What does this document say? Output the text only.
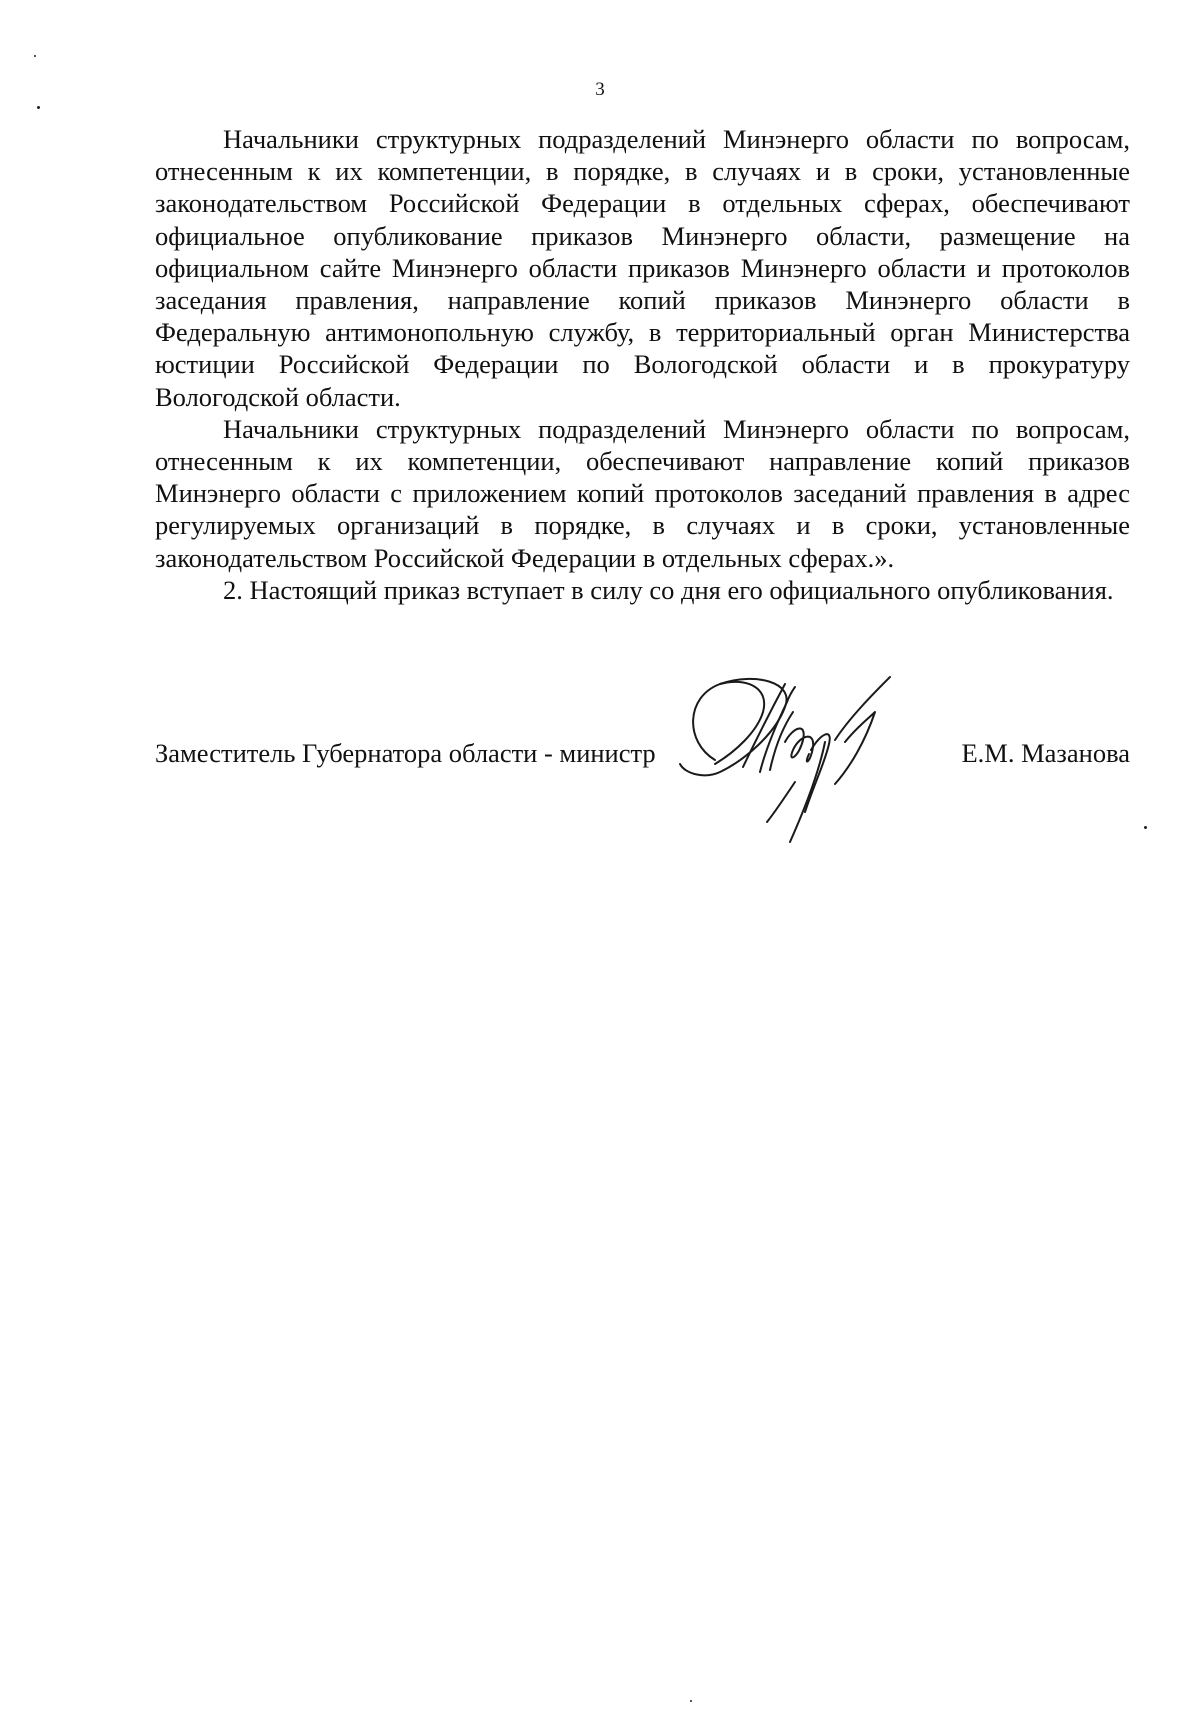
3

Начальники структурных подразделений Минэнерго области по вопросам, отнесенным к их компетенции, в порядке, в случаях и в сроки, установленные законодательством Российской Федерации в отдельных сферах, обеспечивают официальное опубликование приказов Минэнерго области, размещение на официальном сайте Минэнерго области приказов Минэнерго области и протоколов заседания правления, направление копий приказов Минэнерго области в Федеральную антимонопольную службу, в территориальный орган Министерства юстиции Российской Федерации по Вологодской области и в прокуратуру Вологодской области.

Начальники структурных подразделений Минэнерго области по вопросам, отнесенным к их компетенции, обеспечивают направление копий приказов Минэнерго области с приложением копий протоколов заседаний правления в адрес регулируемых организаций в порядке, в случаях и в сроки, установленные законодательством Российской Федерации в отдельных сферах.».

2. Настоящий приказ вступает в силу со дня его официального опубликования.

Заместитель Губернатора области - министр	Е.М. Мазанова
